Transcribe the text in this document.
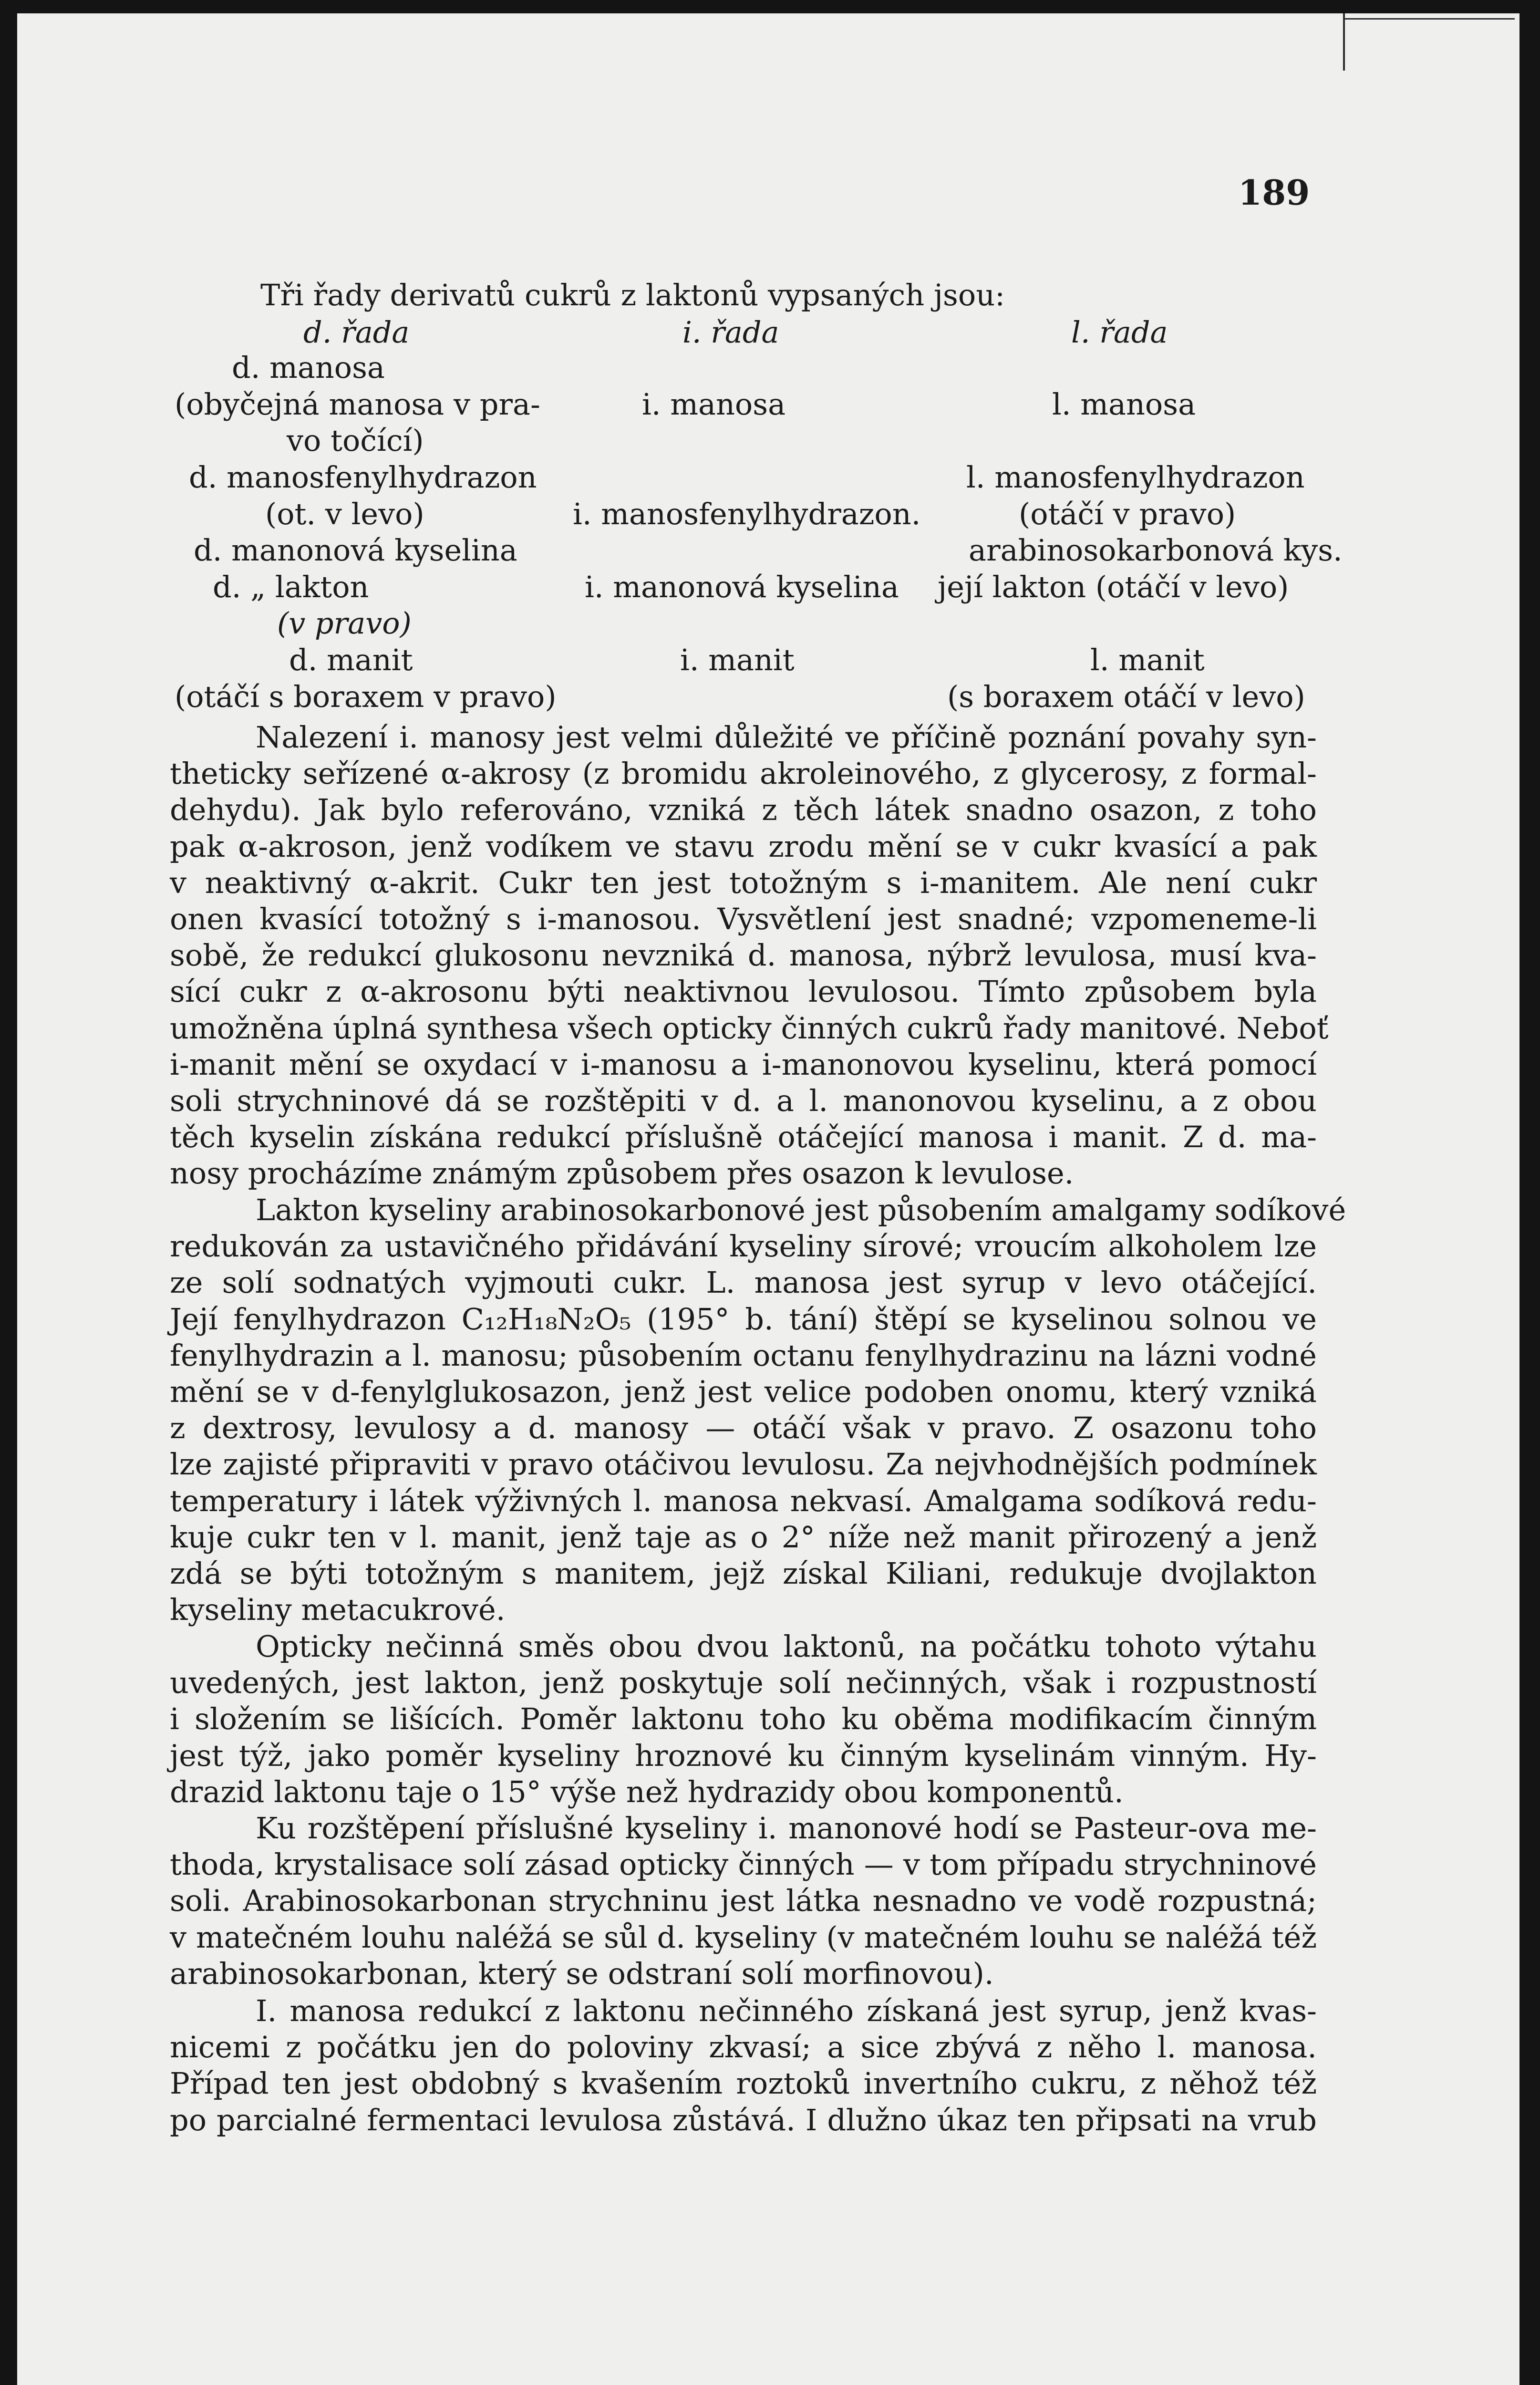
189
Tři řady derivatů cukrů z laktonů vypsaných jsou:
d. řada	i. řada	l. řada
d. manosa
(obyčejná manosa v pra-
vo točící)
d. manosfenylhydrazon
(ot. v levo)
d. manonová kyselina
d. „ lakton
(v pravo)
d. manit
(otáčí s boraxem v pravo)
i. manosa
i. manosfenylhydrazon.
i. manonová kyselina
i. manit
l. manosa
l. manosfenylhydrazon
(otáčí v pravo)
arabinosokarbonová kys.
její lakton (otáčí v levo)
l. manit
(s boraxem otáčí v levo)
Nalezení i. manosy jest velmi důležité ve příčině poznání povahy syn-
theticky seřízené α-akrosy (z bromidu akroleinového, z glycerosy, z formal-
dehydu). Jak bylo referováno, vzniká z těch látek snadno osazon, z toho
pak α-akroson, jenž vodíkem ve stavu zrodu mění se v cukr kvasící a pak
v neaktivný α-akrit. Cukr ten jest totožným s i-manitem. Ale není cukr
onen kvasící totožný s i-manosou. Vysvětlení jest snadné; vzpomeneme-li
sobě, že redukcí glukosonu nevzniká d. manosa, nýbrž levulosa, musí kva-
sící cukr z α-akrosonu býti neaktivnou levulosou. Tímto způsobem byla
umožněna úplná synthesa všech opticky činných cukrů řady manitové. Neboť
i-manit mění se oxydací v i-manosu a i-manonovou kyselinu, která pomocí
soli strychninové dá se rozštěpiti v d. a l. manonovou kyselinu, a z obou
těch kyselin získána redukcí příslušně otáčející manosa i manit. Z d. ma-
nosy procházíme známým způsobem přes osazon k levulose.
Lakton kyseliny arabinosokarbonové jest působením amalgamy sodíkové
redukován za ustavičného přidávání kyseliny sírové; vroucím alkoholem lze
ze solí sodnatých vyjmouti cukr. L. manosa jest syrup v levo otáčející.
Její fenylhydrazon C₁₂H₁₈N₂O₅ (195° b. tání) štěpí se kyselinou solnou ve
fenylhydrazin a l. manosu; působením octanu fenylhydrazinu na lázni vodné
mění se v d-fenylglukosazon, jenž jest velice podoben onomu, který vzniká
z dextrosy, levulosy a d. manosy — otáčí však v pravo. Z osazonu toho
lze zajisté připraviti v pravo otáčivou levulosu. Za nejvhodnějších podmínek
temperatury i látek výživných l. manosa nekvasí. Amalgama sodíková redu-
kuje cukr ten v l. manit, jenž taje as o 2° níže než manit přirozený a jenž
zdá se býti totožným s manitem, jejž získal Kiliani, redukuje dvojlakton
kyseliny metacukrové.
Opticky nečinná směs obou dvou laktonů, na počátku tohoto výtahu
uvedených, jest lakton, jenž poskytuje solí nečinných, však i rozpustností
i složením se lišících. Poměr laktonu toho ku oběma modifikacím činným
jest týž, jako poměr kyseliny hroznové ku činným kyselinám vinným. Hy-
drazid laktonu taje o 15° výše než hydrazidy obou komponentů.
Ku rozštěpení příslušné kyseliny i. manonové hodí se Pasteur-ova me-
thoda, krystalisace solí zásad opticky činných — v tom případu strychninové
soli. Arabinosokarbonan strychninu jest látka nesnadno ve vodě rozpustná;
v matečném louhu naléžá se sůl d. kyseliny (v matečném louhu se naléžá též
arabinosokarbonan, který se odstraní solí morfinovou).
I. manosa redukcí z laktonu nečinného získaná jest syrup, jenž kvas-
nicemi z počátku jen do poloviny zkvasí; a sice zbývá z něho l. manosa.
Případ ten jest obdobný s kvašením roztoků invertního cukru, z něhož též
po parcialné fermentaci levulosa zůstává. I dlužno úkaz ten připsati na vrub
